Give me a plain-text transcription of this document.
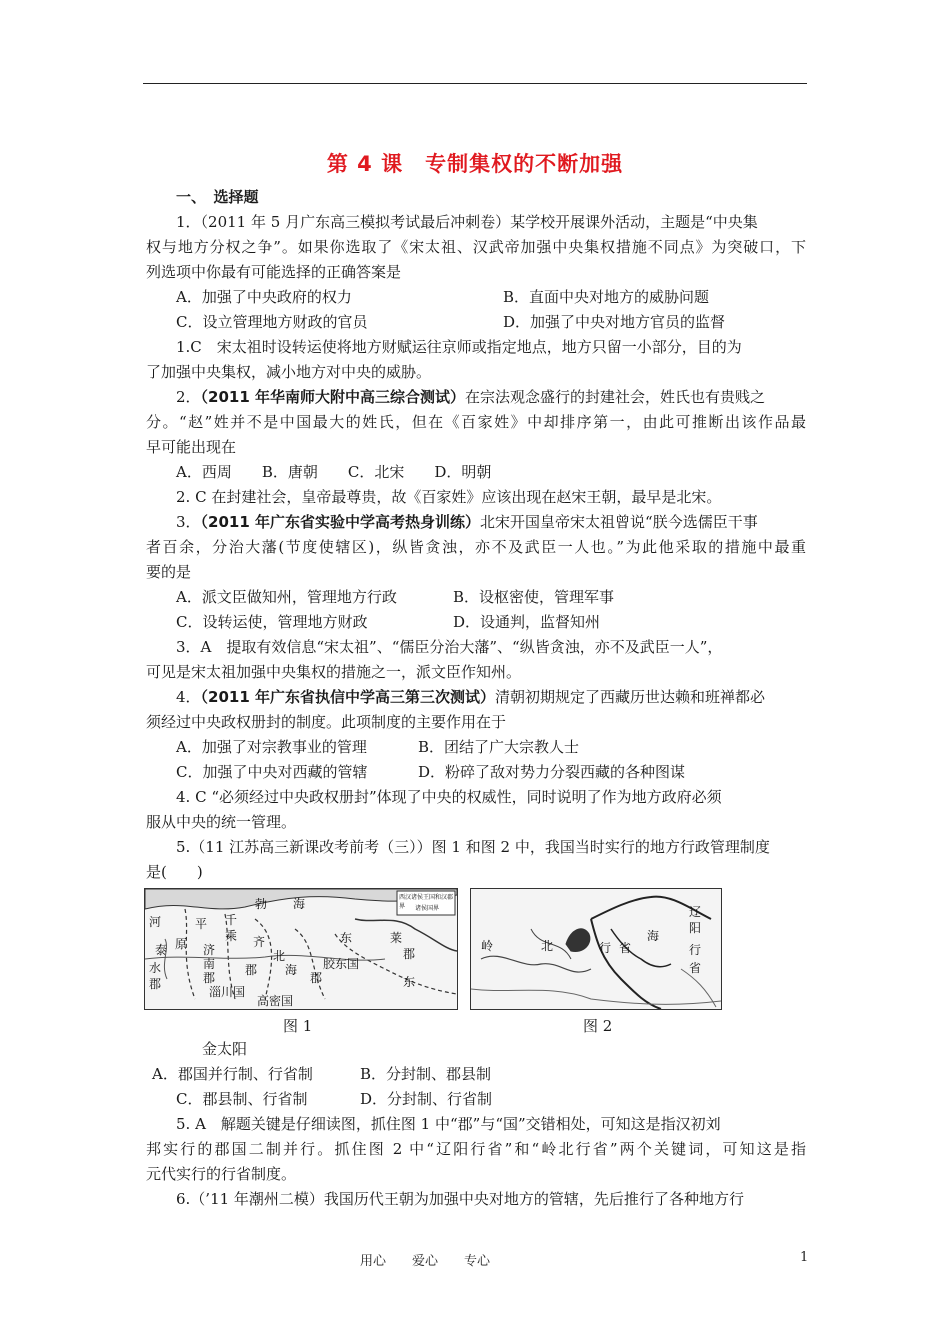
第 4 课　专制集权的不断加强
一、　选择题
1．（2011 年 5 月广东高三模拟考试最后冲刺卷）某学校开展课外活动，主题是“中央集
权与地方分权之争”。如果你选取了《宋太祖、汉武帝加强中央集权措施不同点》为突破口，下
列选项中你最有可能选择的正确答案是
A．加强了中央政府的权力	B．直面中央对地方的威胁问题
C．设立管理地方财政的官员	D．加强了中央对地方官员的监督
1.C　宋太祖时设转运使将地方财赋运往京师或指定地点，地方只留一小部分，目的为
了加强中央集权，减小地方对中央的威胁。
2．（2011 年华南师大附中高三综合测试）在宗法观念盛行的封建社会，姓氏也有贵贱之
分。“赵”姓并不是中国最大的姓氏，但在《百家姓》中却排序第一，由此可推断出该作品最
早可能出现在
A．西周　　B．唐朝　　C．北宋　　D．明朝
2. C 在封建社会，皇帝最尊贵，故《百家姓》应该出现在赵宋王朝，最早是北宋。
3．（2011 年广东省实验中学高考热身训练）北宋开国皇帝宋太祖曾说“朕今选儒臣干事
者百余，分治大藩(节度使辖区)，纵皆贪浊，亦不及武臣一人也。”为此他采取的措施中最重
要的是
A．派文臣做知州，管理地方行政	B．设枢密使，管理军事
C．设转运使，管理地方财政	D．设通判，监督知州
3．A　提取有效信息“宋太祖”、“儒臣分治大藩”、“纵皆贪浊，亦不及武臣一人”，
可见是宋太祖加强中央集权的措施之一，派文臣作知州。
4．（2011 年广东省执信中学高三第三次测试）清朝初期规定了西藏历世达赖和班禅都必
须经过中央政权册封的制度。此项制度的主要作用在于
A．加强了对宗教事业的管理	B．团结了广大宗教人士
C．加强了中央对西藏的管辖	D．粉碎了敌对势力分裂西藏的各种图谋
4. C “必须经过中央政权册封”体现了中央的权威性，同时说明了作为地方政府必须
服从中央的统一管理。
5.（11 江苏高三新课改考前考（三））图 1 和图 2 中，我国当时实行的地方行政管理制度
是(　　)
勃 海
平 千
乘
原 济
南
郡
东	莱
郡
北
海
郡
胶东国
齐
郡
淄川国
高密国
东
河
泰
水
郡
西汉诸侯王国和汉郡界	诸侯国界	辽
阳
行
省
岭	北	行 省
海
图 1	图 2
金太阳
A．郡国并行制、行省制	B．分封制、郡县制
C．郡县制、行省制	D．分封制、行省制
5. A　解题关键是仔细读图，抓住图 1 中“郡”与“国”交错相处，可知这是指汉初刘
邦实行的郡国二制并行。抓住图 2 中“辽阳行省”和“岭北行省”两个关键词，可知这是指
元代实行的行省制度。
6.（’11 年潮州二模）我国历代王朝为加强中央对地方的管辖，先后推行了各种地方行
用心　　爱心　　专心	1
